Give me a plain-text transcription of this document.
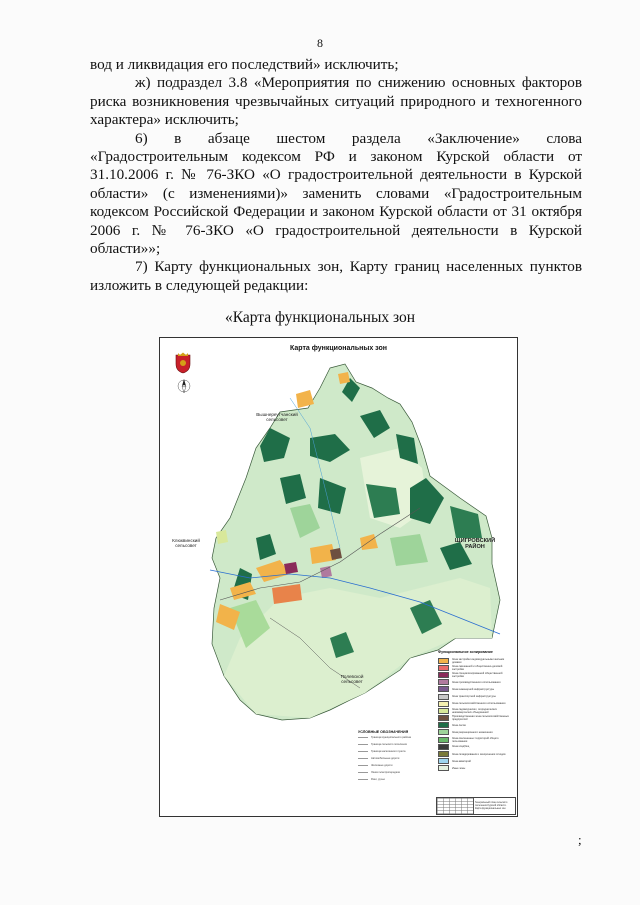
8

вод и ликвидация его последствий» исключить;

ж) подраздел 3.8 «Мероприятия по снижению основных факторов риска возникновения чрезвычайных ситуаций природного и техногенного характера» исключить;

6) в абзаце шестом раздела «Заключение» слова «Градостроительным кодексом РФ и законом Курской области от 31.10.2006 г. № 76-ЗКО «О градостроительной деятельности в Курской области» (с изменениями)» заменить словами «Градостроительным кодексом Российской Федерации и законом Курской области от 31 октября 2006 г. № 76-ЗКО «О градостроительной деятельности в Курской области»»;

7) Карту функциональных зон, Карту границ населенных пунктов изложить в следующей редакции:

«Карта функциональных зон
Карта функциональных зон
Вышнереутчанский сельсовет
Клюквинский сельсовет
ЩИГРОВСКИЙ РАЙОН
Полевской сельсовет
Функциональное зонирование
Зона застройки индивидуальными жилыми домами
Зона смешанной и общественно-деловой застройки
Зона специализированной общественной застройки
Зона производственного использования
Зона инженерной инфраструктуры
Зона транспортной инфраструктуры
Зона сельскохозяйственного использования
Зона садоводческих, огороднических некоммерческих объединений
Производственная зона сельскохозяйственных предприятий
Зона лесов
Зона рекреационного назначения
Зона озелененных территорий общего пользования
Зона кладбищ
Зона складирования и захоронения отходов
Зона акваторий
Иные зоны
УСЛОВНЫЕ ОБОЗНАЧЕНИЯ
Граница муниципального района
Граница сельского поселения
Граница населенного пункта
Автомобильные дороги
Железные дороги
Линии электропередачи
Реки, ручьи
Генеральный план сельского поселения Курской области. Карта функциональных зон
;
